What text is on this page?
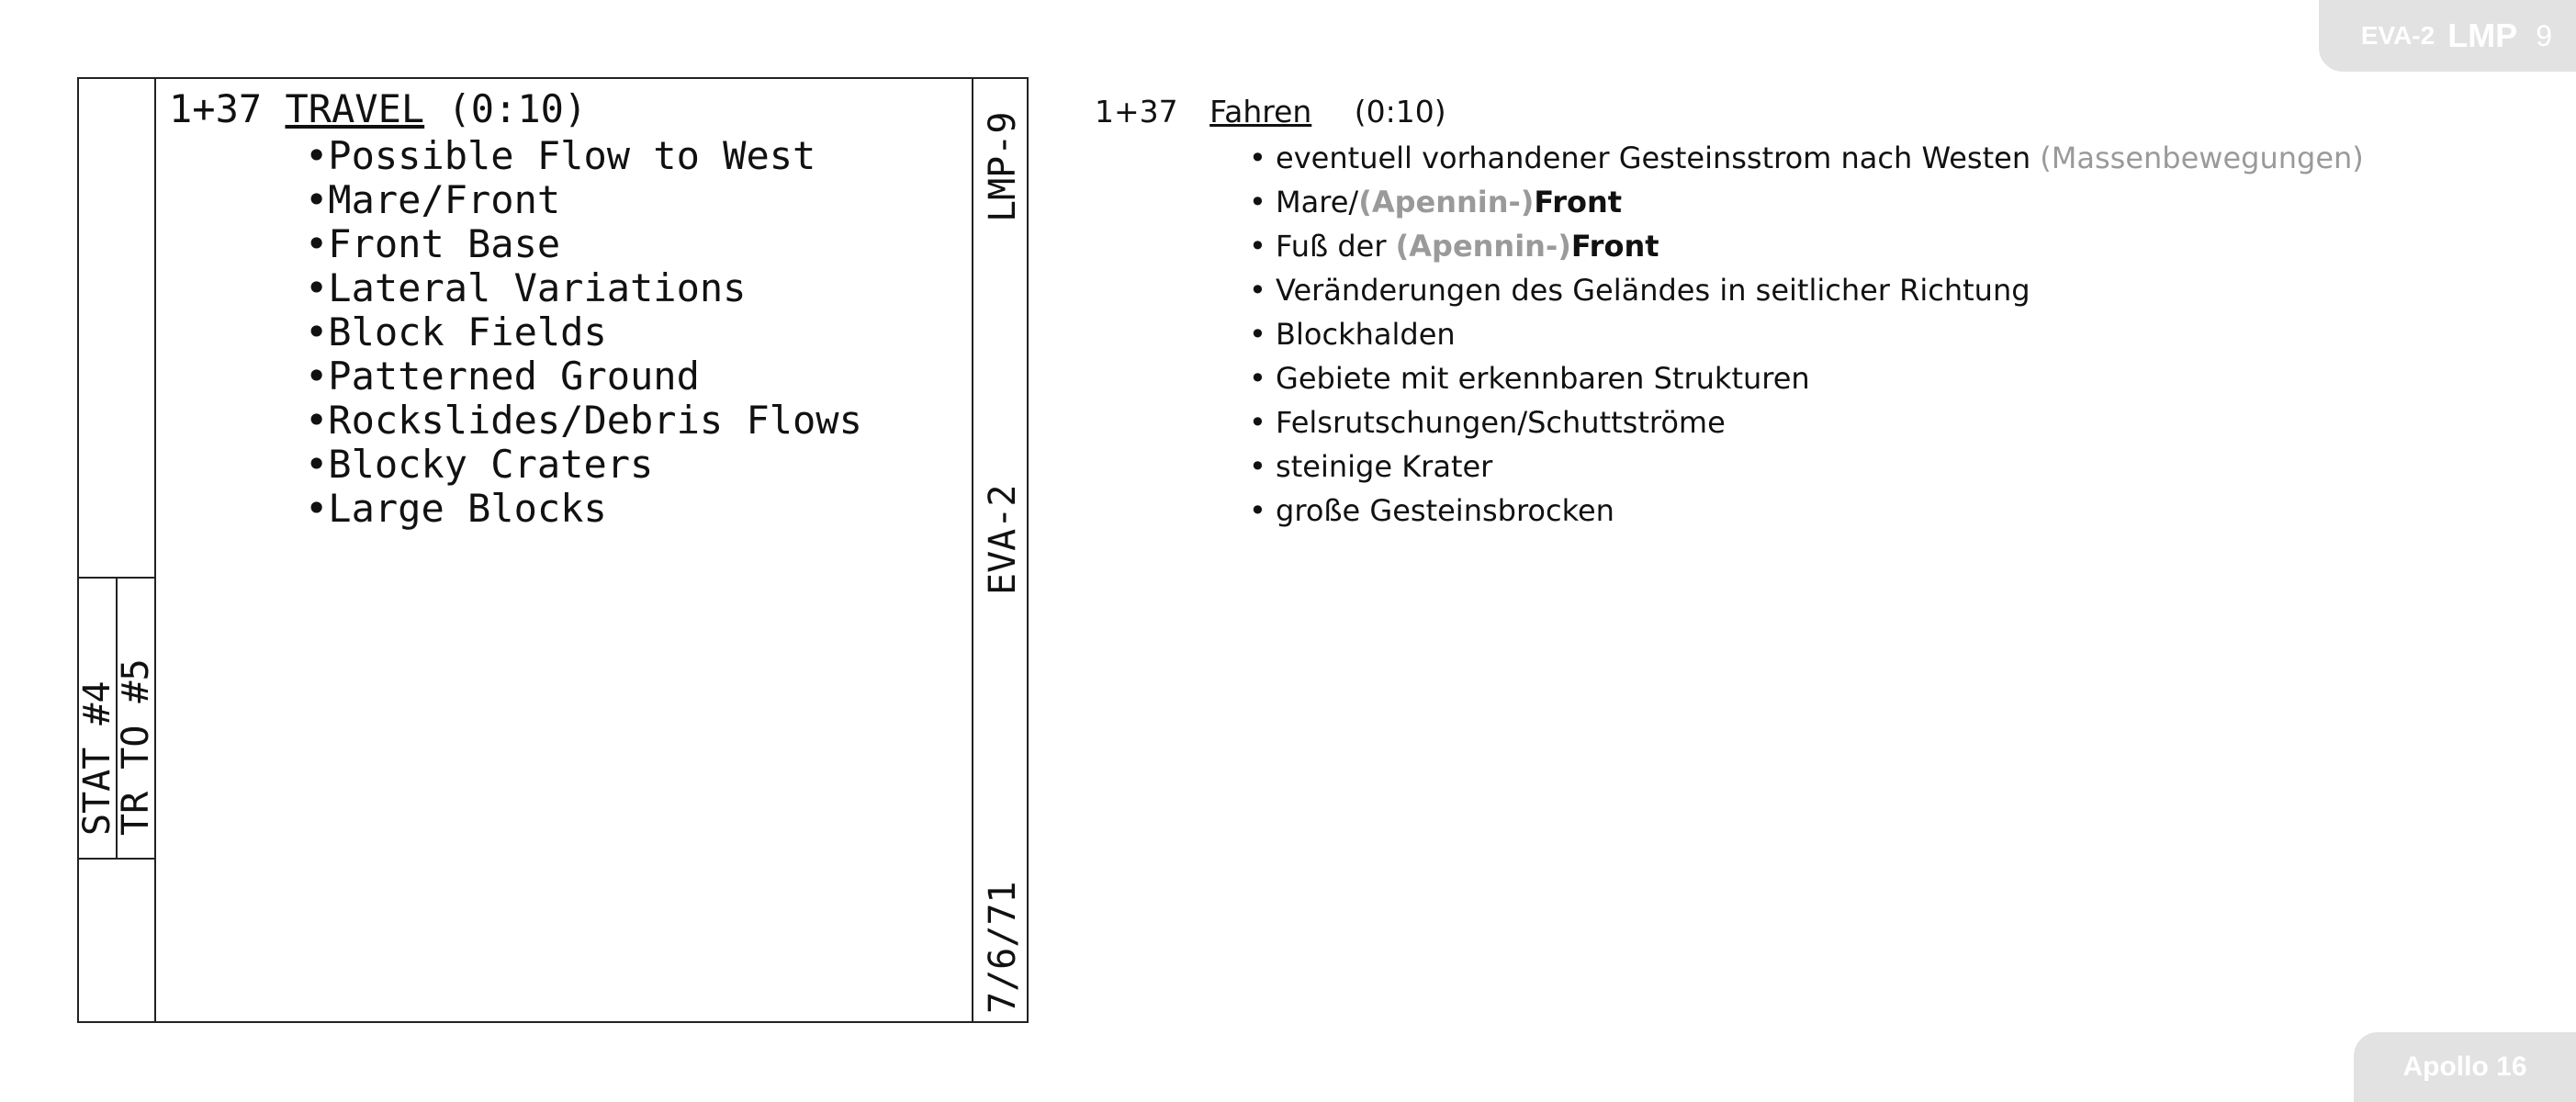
EVA-2 LMP 9
STAT #4
TR TO #5
1+37 TRAVEL (0:10)
• Possible Flow to West
• Mare/Front
• Front Base
• Lateral Variations
• Block Fields
• Patterned Ground
• Rockslides/Debris Flows
• Blocky Craters
• Large Blocks
LMP-9
EVA-2
7/6/71
1+37 Fahren (0:10)
• eventuell vorhandener Gesteinsstrom nach Westen (Massenbewegungen)
• Mare/(Apennin-)Front
• Fuß der (Apennin-)Front
• Veränderungen des Geländes in seitlicher Richtung
• Blockhalden
• Gebiete mit erkennbaren Strukturen
• Felsrutschungen/Schuttströme
• steinige Krater
• große Gesteinsbrocken
Apollo 16
